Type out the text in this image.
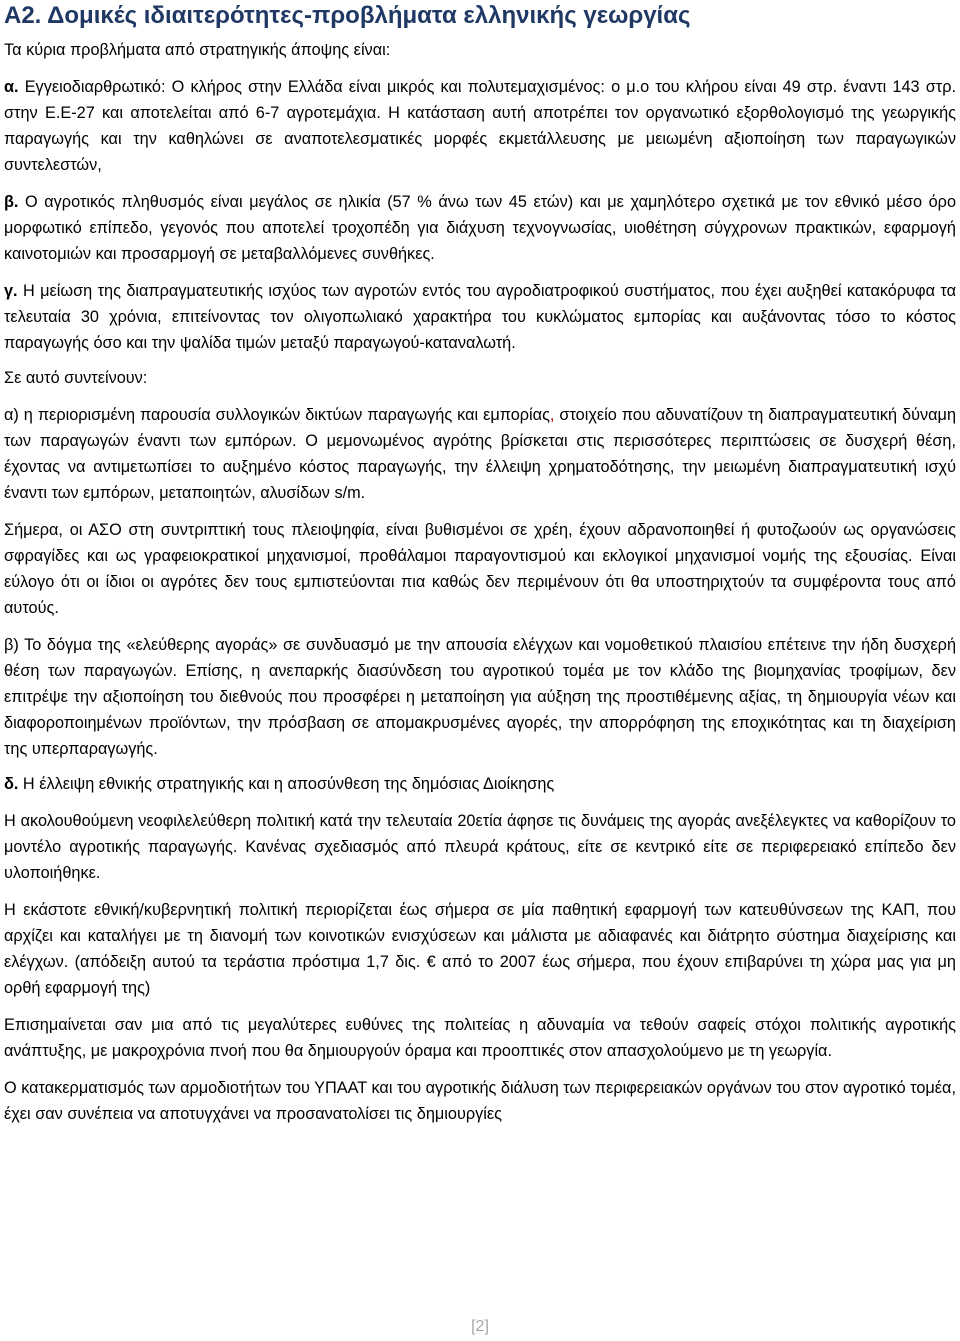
Α2. Δομικές ιδιαιτερότητες-προβλήματα ελληνικής γεωργίας

Τα κύρια προβλήματα από στρατηγικής άποψης είναι:

α. Εγγειοδιαρθρωτικό: Ο κλήρος στην Ελλάδα είναι μικρός και πολυτεμαχισμένος: ο μ.ο του κλήρου είναι 49 στρ. έναντι 143 στρ. στην Ε.Ε-27 και αποτελείται από 6-7 αγροτεμάχια. Η κατάσταση αυτή αποτρέπει τον οργανωτικό εξορθολογισμό της γεωργικής παραγωγής και την καθηλώνει σε αναποτελεσματικές μορφές εκμετάλλευσης με μειωμένη αξιοποίηση των παραγωγικών συντελεστών,

β. Ο αγροτικός πληθυσμός είναι μεγάλος σε ηλικία (57 % άνω των 45 ετών) και με χαμηλότερο σχετικά με τον εθνικό μέσο όρο μορφωτικό επίπεδο, γεγονός που αποτελεί τροχοπέδη για διάχυση τεχνογνωσίας, υιοθέτηση σύγχρονων πρακτικών, εφαρμογή καινοτομιών και προσαρμογή σε μεταβαλλόμενες συνθήκες.

γ. Η μείωση της διαπραγματευτικής ισχύος των αγροτών εντός του αγροδιατροφικού συστήματος, που έχει αυξηθεί κατακόρυφα τα τελευταία 30 χρόνια, επιτείνοντας τον ολιγοπωλιακό χαρακτήρα του κυκλώματος εμπορίας και αυξάνοντας τόσο το κόστος παραγωγής όσο και την ψαλίδα τιμών μεταξύ παραγωγού-καταναλωτή.

Σε αυτό συντείνουν:

α) η περιορισμένη παρουσία συλλογικών δικτύων παραγωγής και εμπορίας, στοιχείο που αδυνατίζουν τη διαπραγματευτική δύναμη των παραγωγών έναντι των εμπόρων. Ο μεμονωμένος αγρότης βρίσκεται στις περισσότερες περιπτώσεις σε δυσχερή θέση, έχοντας να αντιμετωπίσει το αυξημένο κόστος παραγωγής, την έλλειψη χρηματοδότησης, την μειωμένη διαπραγματευτική ισχύ έναντι των εμπόρων, μεταποιητών, αλυσίδων s/m.

Σήμερα, οι ΑΣΟ στη συντριπτική τους πλειοψηφία, είναι βυθισμένοι σε χρέη, έχουν αδρανοποιηθεί ή φυτοζωούν ως οργανώσεις σφραγίδες και ως γραφειοκρατικοί μηχανισμοί, προθάλαμοι παραγοντισμού και εκλογικοί μηχανισμοί νομής της εξουσίας. Είναι εύλογο ότι οι ίδιοι οι αγρότες δεν τους εμπιστεύονται πια καθώς δεν περιμένουν ότι θα υποστηριχτούν τα συμφέροντα τους από αυτούς.

β) Το δόγμα της «ελεύθερης αγοράς» σε συνδυασμό με την απουσία ελέγχων και νομοθετικού πλαισίου επέτεινε την ήδη δυσχερή θέση των παραγωγών. Επίσης, η ανεπαρκής διασύνδεση του αγροτικού τομέα με τον κλάδο της βιομηχανίας τροφίμων, δεν επιτρέψε την αξιοποίηση του διεθνούς που προσφέρει η μεταποίηση για αύξηση της προστιθέμενης αξίας, τη δημιουργία νέων και διαφοροποιημένων προϊόντων, την πρόσβαση σε απομακρυσμένες αγορές, την απορρόφηση της εποχικότητας και τη διαχείριση της υπερπαραγωγής.

δ. Η έλλειψη εθνικής στρατηγικής και η αποσύνθεση της δημόσιας Διοίκησης

Η ακολουθούμενη νεοφιλελεύθερη πολιτική κατά την τελευταία 20ετία άφησε τις δυνάμεις της αγοράς ανεξέλεγκτες να καθορίζουν το μοντέλο αγροτικής παραγωγής. Κανένας σχεδιασμός από πλευρά κράτους, είτε σε κεντρικό είτε σε περιφερειακό επίπεδο δεν υλοποιήθηκε.

Η εκάστοτε εθνική/κυβερνητική πολιτική περιορίζεται έως σήμερα σε μία παθητική εφαρμογή των κατευθύνσεων της ΚΑΠ, που αρχίζει και καταλήγει με τη διανομή των κοινοτικών ενισχύσεων και μάλιστα με αδιαφανές και διάτρητο σύστημα διαχείρισης και ελέγχων. (απόδειξη αυτού τα τεράστια πρόστιμα 1,7 δις. € από το 2007 έως σήμερα, που έχουν επιβαρύνει τη χώρα μας για μη ορθή εφαρμογή της)

Επισημαίνεται σαν μια από τις μεγαλύτερες ευθύνες της πολιτείας η αδυναμία να τεθούν σαφείς στόχοι πολιτικής αγροτικής ανάπτυξης, με μακροχρόνια πνοή που θα δημιουργούν όραμα και προοπτικές στον απασχολούμενο με τη γεωργία.

Ο κατακερματισμός των αρμοδιοτήτων του ΥΠΑΑΤ και του αγροτικής διάλυση των περιφερειακών οργάνων του στον αγροτικό τομέα, έχει σαν συνέπεια να αποτυγχάνει να προσανατολίσει τις δημιουργίες

[2]
